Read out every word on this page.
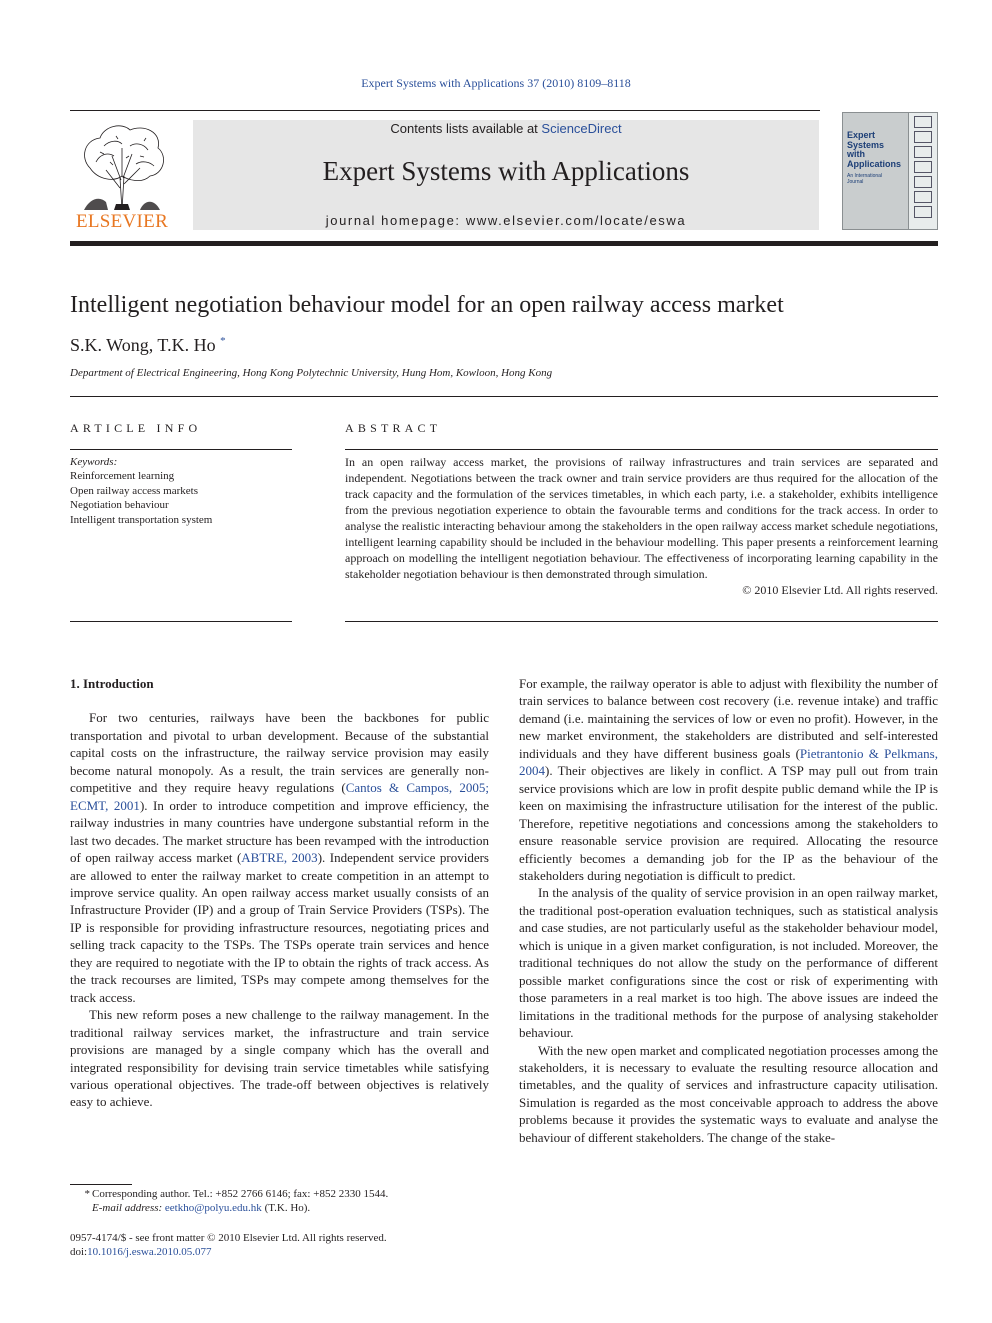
Expert Systems with Applications 37 (2010) 8109–8118
ELSEVIER
Contents lists available at ScienceDirect
Expert Systems with Applications
journal homepage: www.elsevier.com/locate/eswa
Expert
Systems
with
Applications
An International Journal
Intelligent negotiation behaviour model for an open railway access market
S.K. Wong, T.K. Ho *
Department of Electrical Engineering, Hong Kong Polytechnic University, Hung Hom, Kowloon, Hong Kong
ARTICLE INFO	ABSTRACT
Keywords:
Reinforcement learning
Open railway access markets
Negotiation behaviour
Intelligent transportation system

In an open railway access market, the provisions of railway infrastructures and train services are separated and independent. Negotiations between the track owner and train service providers are thus required for the allocation of the track capacity and the formulation of the services timetables, in which each party, i.e. a stakeholder, exhibits intelligence from the previous negotiation experience to obtain the favourable terms and conditions for the track access. In order to analyse the realistic interacting behaviour among the stakeholders in the open railway access market schedule negotiations, intelligent learning capability should be included in the behaviour modelling. This paper presents a reinforcement learning approach on modelling the intelligent negotiation behaviour. The effectiveness of incorporating learning capability in the stakeholder negotiation behaviour is then demonstrated through simulation.

© 2010 Elsevier Ltd. All rights reserved.

1. Introduction

For two centuries, railways have been the backbones for public transportation and pivotal to urban development. Because of the substantial capital costs on the infrastructure, the railway service provision may easily become natural monopoly. As a result, the train services are generally non-competitive and they require heavy regulations (Cantos & Campos, 2005; ECMT, 2001). In order to introduce competition and improve efficiency, the railway industries in many countries have undergone substantial reform in the last two decades. The market structure has been revamped with the introduction of open railway access market (ABTRE, 2003). Independent service providers are allowed to enter the railway market to create competition in an attempt to improve service quality. An open railway access market usually consists of an Infrastructure Provider (IP) and a group of Train Service Providers (TSPs). The IP is responsible for providing infrastructure resources, negotiating prices and selling track capacity to the TSPs. The TSPs operate train services and hence they are required to negotiate with the IP to obtain the rights of track access. As the track recourses are limited, TSPs may compete among themselves for the track access.

This new reform poses a new challenge to the railway management. In the traditional railway services market, the infrastructure and train service provisions are managed by a single company which has the overall and integrated responsibility for devising train service timetables while satisfying various operational objectives. The trade-off between objectives is relatively easy to achieve.

For example, the railway operator is able to adjust with flexibility the number of train services to balance between cost recovery (i.e. revenue intake) and traffic demand (i.e. maintaining the services of low or even no profit). However, in the new market environment, the stakeholders are distributed and self-interested individuals and they have different business goals (Pietrantonio & Pelkmans, 2004). Their objectives are likely in conflict. A TSP may pull out from train service provisions which are low in profit despite public demand while the IP is keen on maximising the infrastructure utilisation for the interest of the public. Therefore, repetitive negotiations and concessions among the stakeholders to ensure reasonable service provision are required. Allocating the resource efficiently becomes a demanding job for the IP as the behaviour of the stakeholders during negotiation is difficult to predict.

In the analysis of the quality of service provision in an open railway market, the traditional post-operation evaluation techniques, such as statistical analysis and case studies, are not particularly useful as the stakeholder behaviour model, which is unique in a given market configuration, is not included. Moreover, the traditional techniques do not allow the study on the performance of different possible market configurations since the cost or risk of experimenting with those parameters in a real market is too high. The above issues are indeed the limitations in the traditional methods for the purpose of analysing stakeholder behaviour.

With the new open market and complicated negotiation processes among the stakeholders, it is necessary to evaluate the resulting resource allocation and timetables, and the quality of services and infrastructure capacity utilisation. Simulation is regarded as the most conceivable approach to address the above problems because it provides the systematic ways to evaluate and analyse the behaviour of different stakeholders. The change of the stake-

* Corresponding author. Tel.: +852 2766 6146; fax: +852 2330 1544.
E-mail address: eetkho@polyu.edu.hk (T.K. Ho).
0957-4174/$ - see front matter © 2010 Elsevier Ltd. All rights reserved.
doi:10.1016/j.eswa.2010.05.077
